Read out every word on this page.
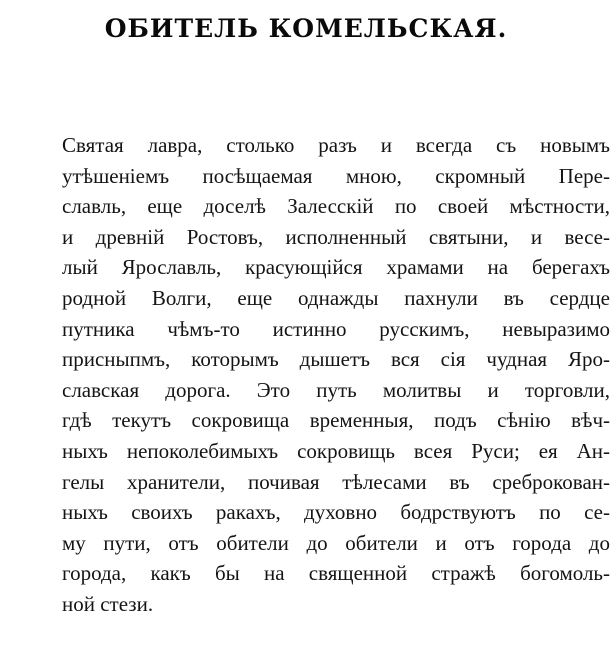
ОБИТЕЛЬ КОМЕЛЬСКАЯ.
Святая лавра, столько разъ и всегда съ новымъ
утѣшеніемъ посѣщаемая мною, скромный Пере-
славль, еще доселѣ Залесскій по своей мѣстности,
и древній Ростовъ, исполненный святыни, и весе-
лый Ярославль, красующійся храмами на берегахъ
родной Волги, еще однажды пахнули въ сердце
путника чѣмъ-то истинно русскимъ, невыразимо
присныпмъ, которымъ дышетъ вся сія чудная Яро-
славская дорога. Это путь молитвы и торговли,
гдѣ текутъ сокровища временныя, подъ сѣнію вѣч-
ныхъ непоколебимыхъ сокровищь всея Руси; ея Ан-
гелы хранители, почивая тѣлесами въ среброкован-
ныхъ своихъ ракахъ, духовно бодрствуютъ по се-
му пути, отъ обители до обители и отъ города до
города, какъ бы на священной стражѣ богомоль-
ной стези.
